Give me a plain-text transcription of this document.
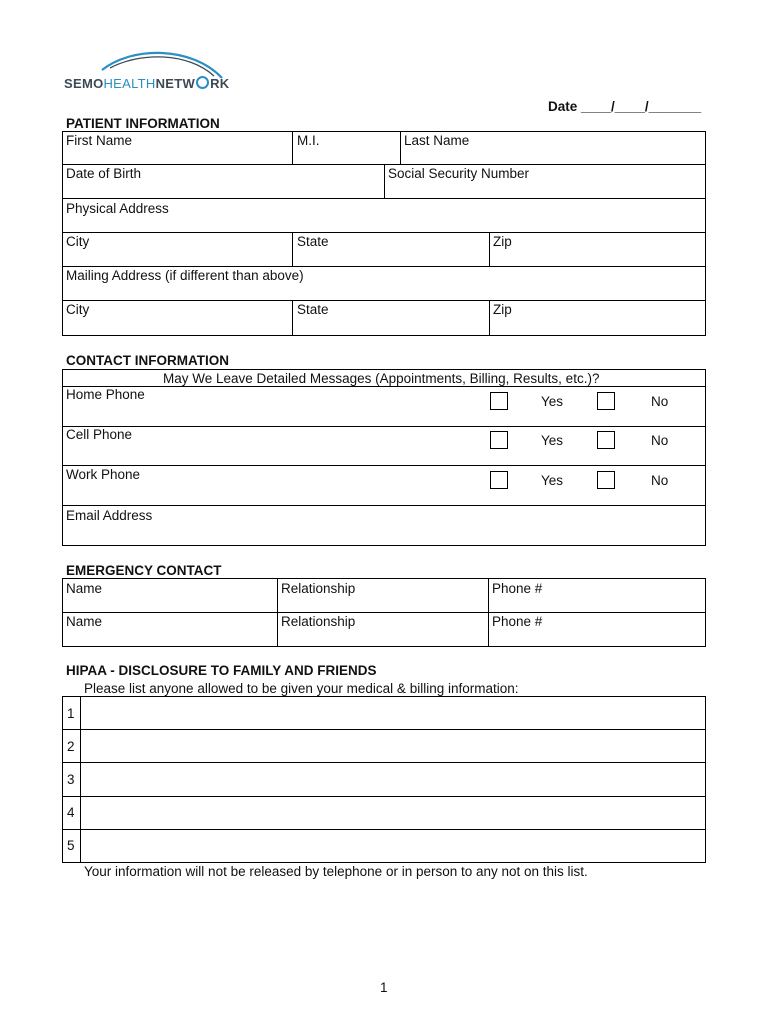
SEMOHEALTHNETW RK
Date ____/____/_______
PATIENT INFORMATION
First Name	M.I.	Last Name
Date of Birth	Social Security Number
Physical Address
City	State	Zip
Mailing Address (if different than above)
City	State	Zip
CONTACT INFORMATION
May We Leave Detailed Messages (Appointments, Billing, Results, etc.)?
Home Phone	Yes	No
Cell Phone	Yes	No
Work Phone	Yes	No
Email Address
EMERGENCY CONTACT
Name	Relationship	Phone #
Name	Relationship	Phone #
HIPAA - DISCLOSURE TO FAMILY AND FRIENDS
Please list anyone allowed to be given your medical & billing information:
1
2
3
4
5
Your information will not be released by telephone or in person to any not on this list.
1
